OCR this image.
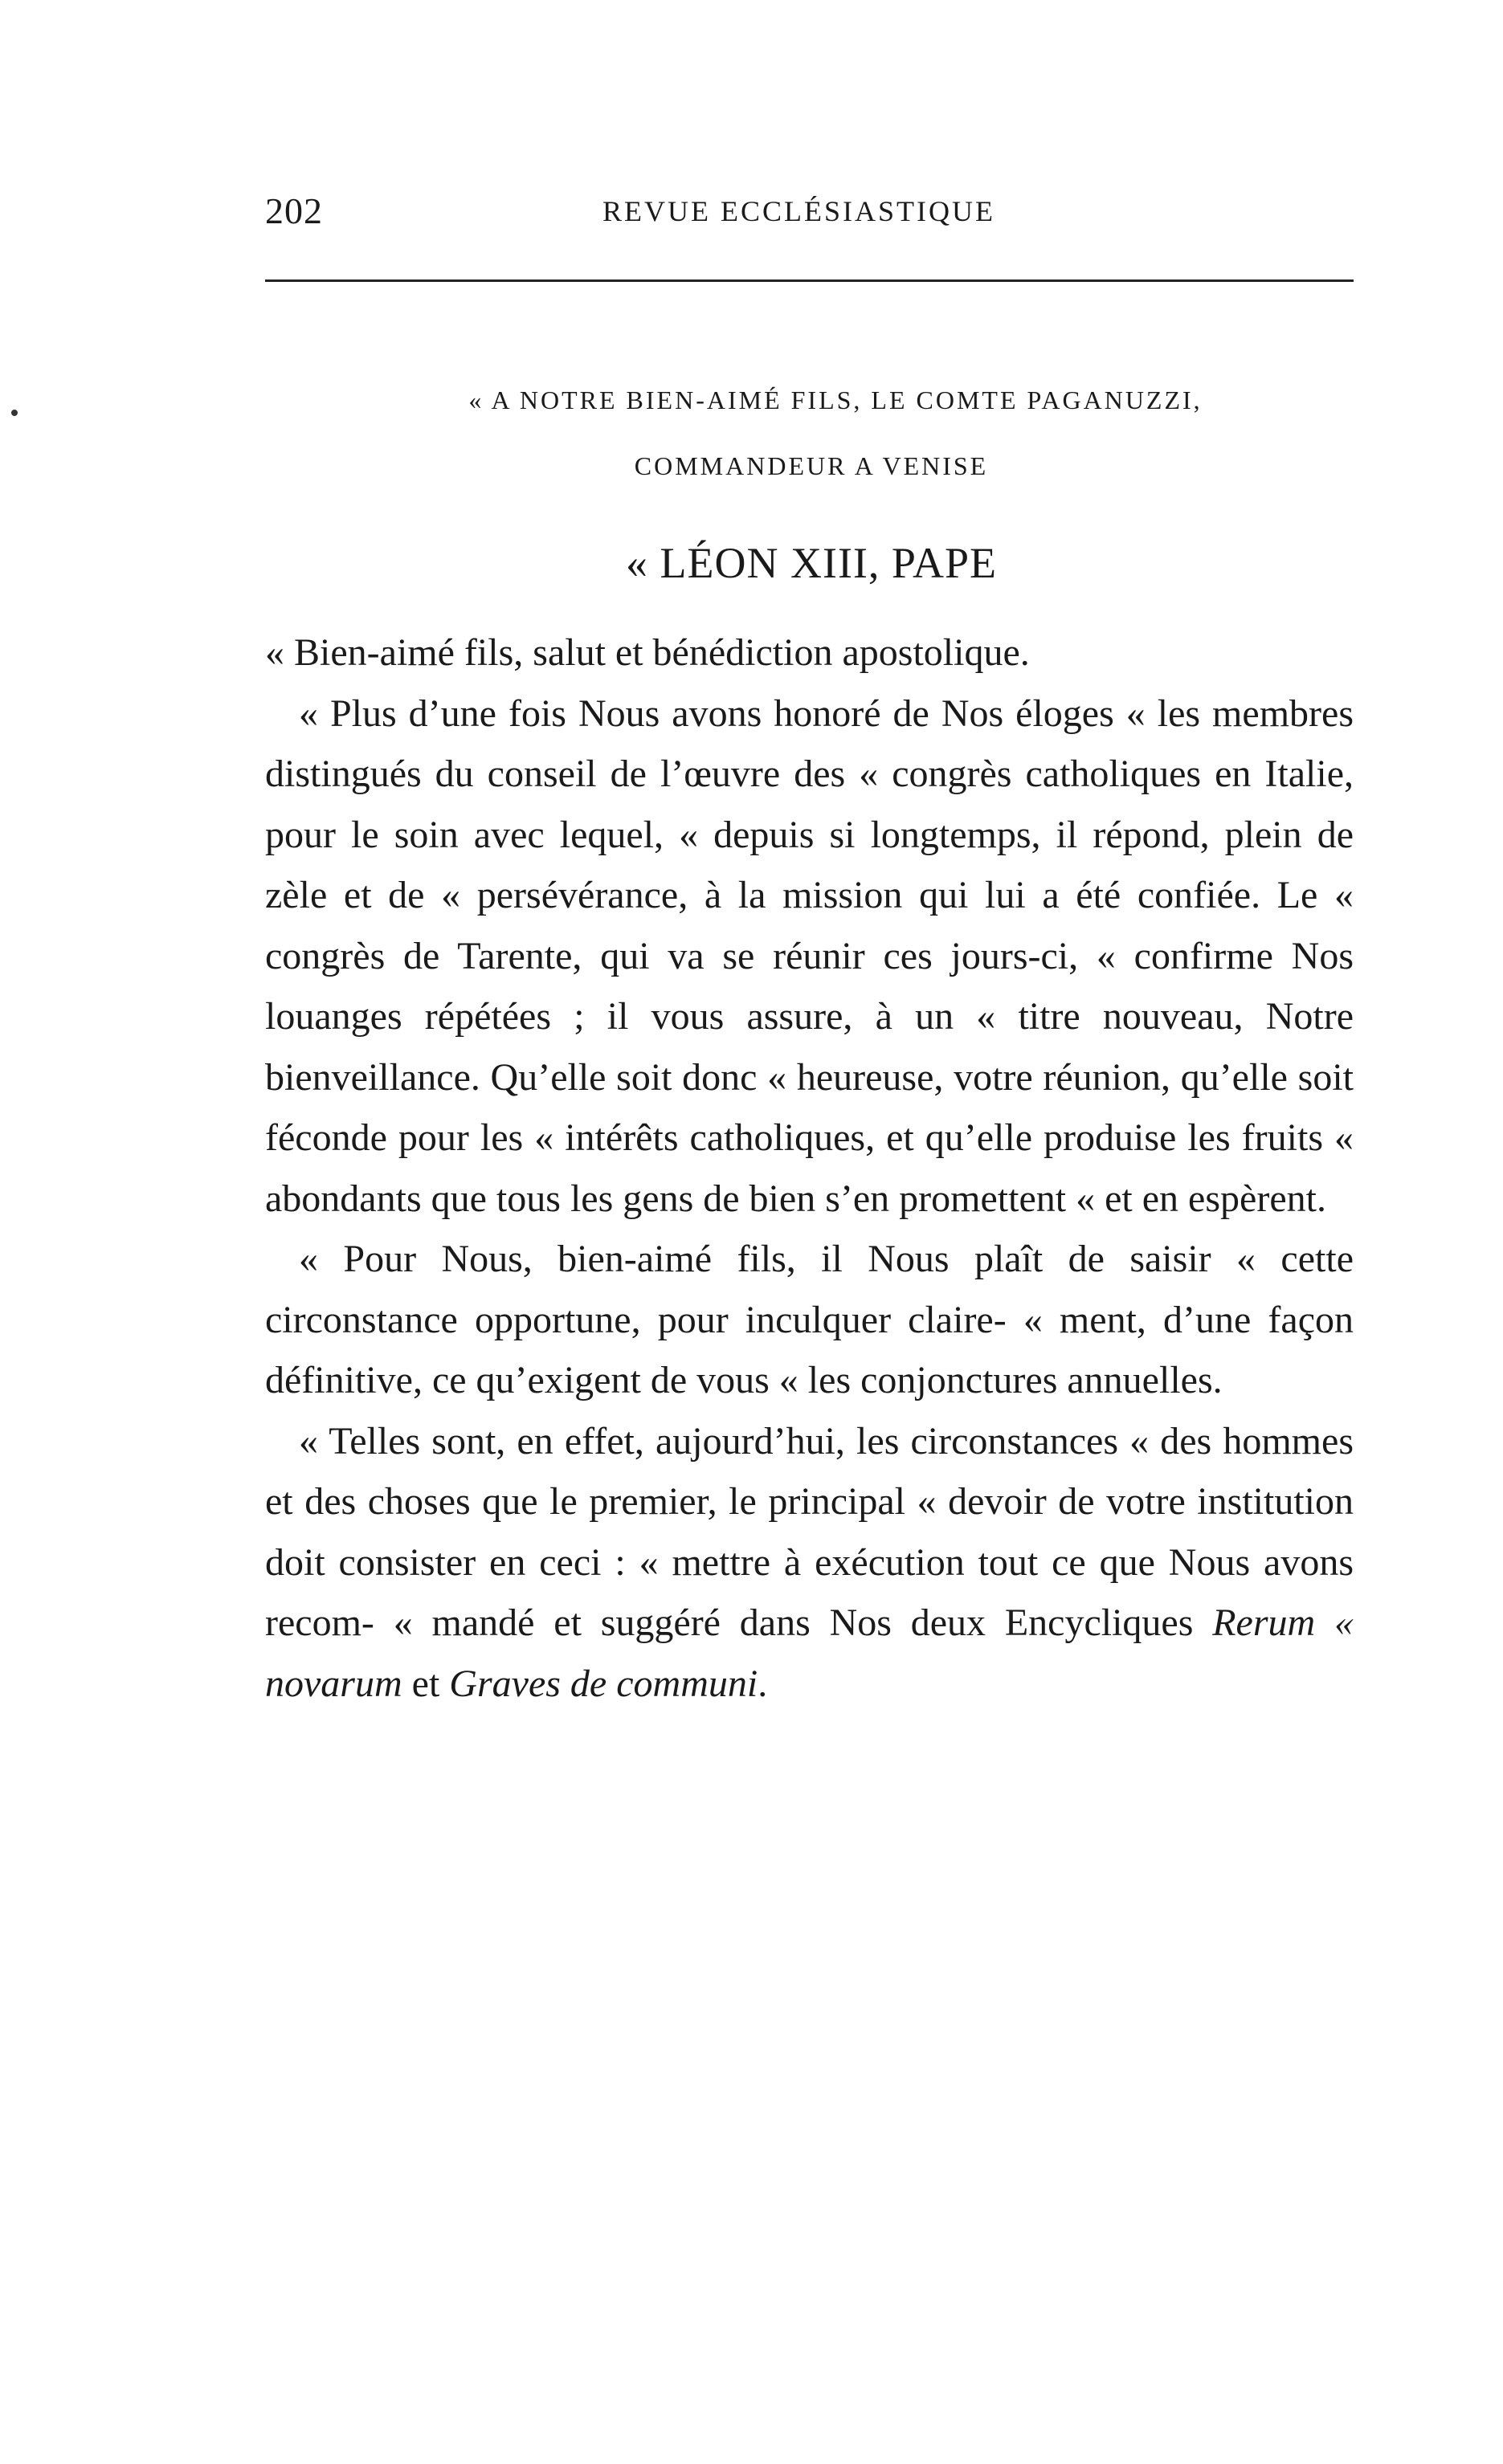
202	REVUE ECCLÉSIASTIQUE
« A NOTRE BIEN-AIMÉ FILS, LE COMTE PAGANUZZI,
COMMANDEUR A VENISE
« LÉON XIII, PAPE

« Bien-aimé fils, salut et bénédiction apostolique.

« Plus d’une fois Nous avons honoré de Nos éloges « les membres distingués du conseil de l’œuvre des « congrès catholiques en Italie, pour le soin avec lequel, « depuis si longtemps, il répond, plein de zèle et de « persévérance, à la mission qui lui a été confiée. Le « congrès de Tarente, qui va se réunir ces jours-ci, « confirme Nos louanges répétées ; il vous assure, à un « titre nouveau, Notre bienveillance. Qu’elle soit donc « heureuse, votre réunion, qu’elle soit féconde pour les « intérêts catholiques, et qu’elle produise les fruits « abondants que tous les gens de bien s’en promettent « et en espèrent.

« Pour Nous, bien-aimé fils, il Nous plaît de saisir « cette circonstance opportune, pour inculquer claire- « ment, d’une façon définitive, ce qu’exigent de vous « les conjonctures annuelles.

« Telles sont, en effet, aujourd’hui, les circonstances « des hommes et des choses que le premier, le principal « devoir de votre institution doit consister en ceci : « mettre à exécution tout ce que Nous avons recom- « mandé et suggéré dans Nos deux Encycliques Rerum « novarum et Graves de communi.
